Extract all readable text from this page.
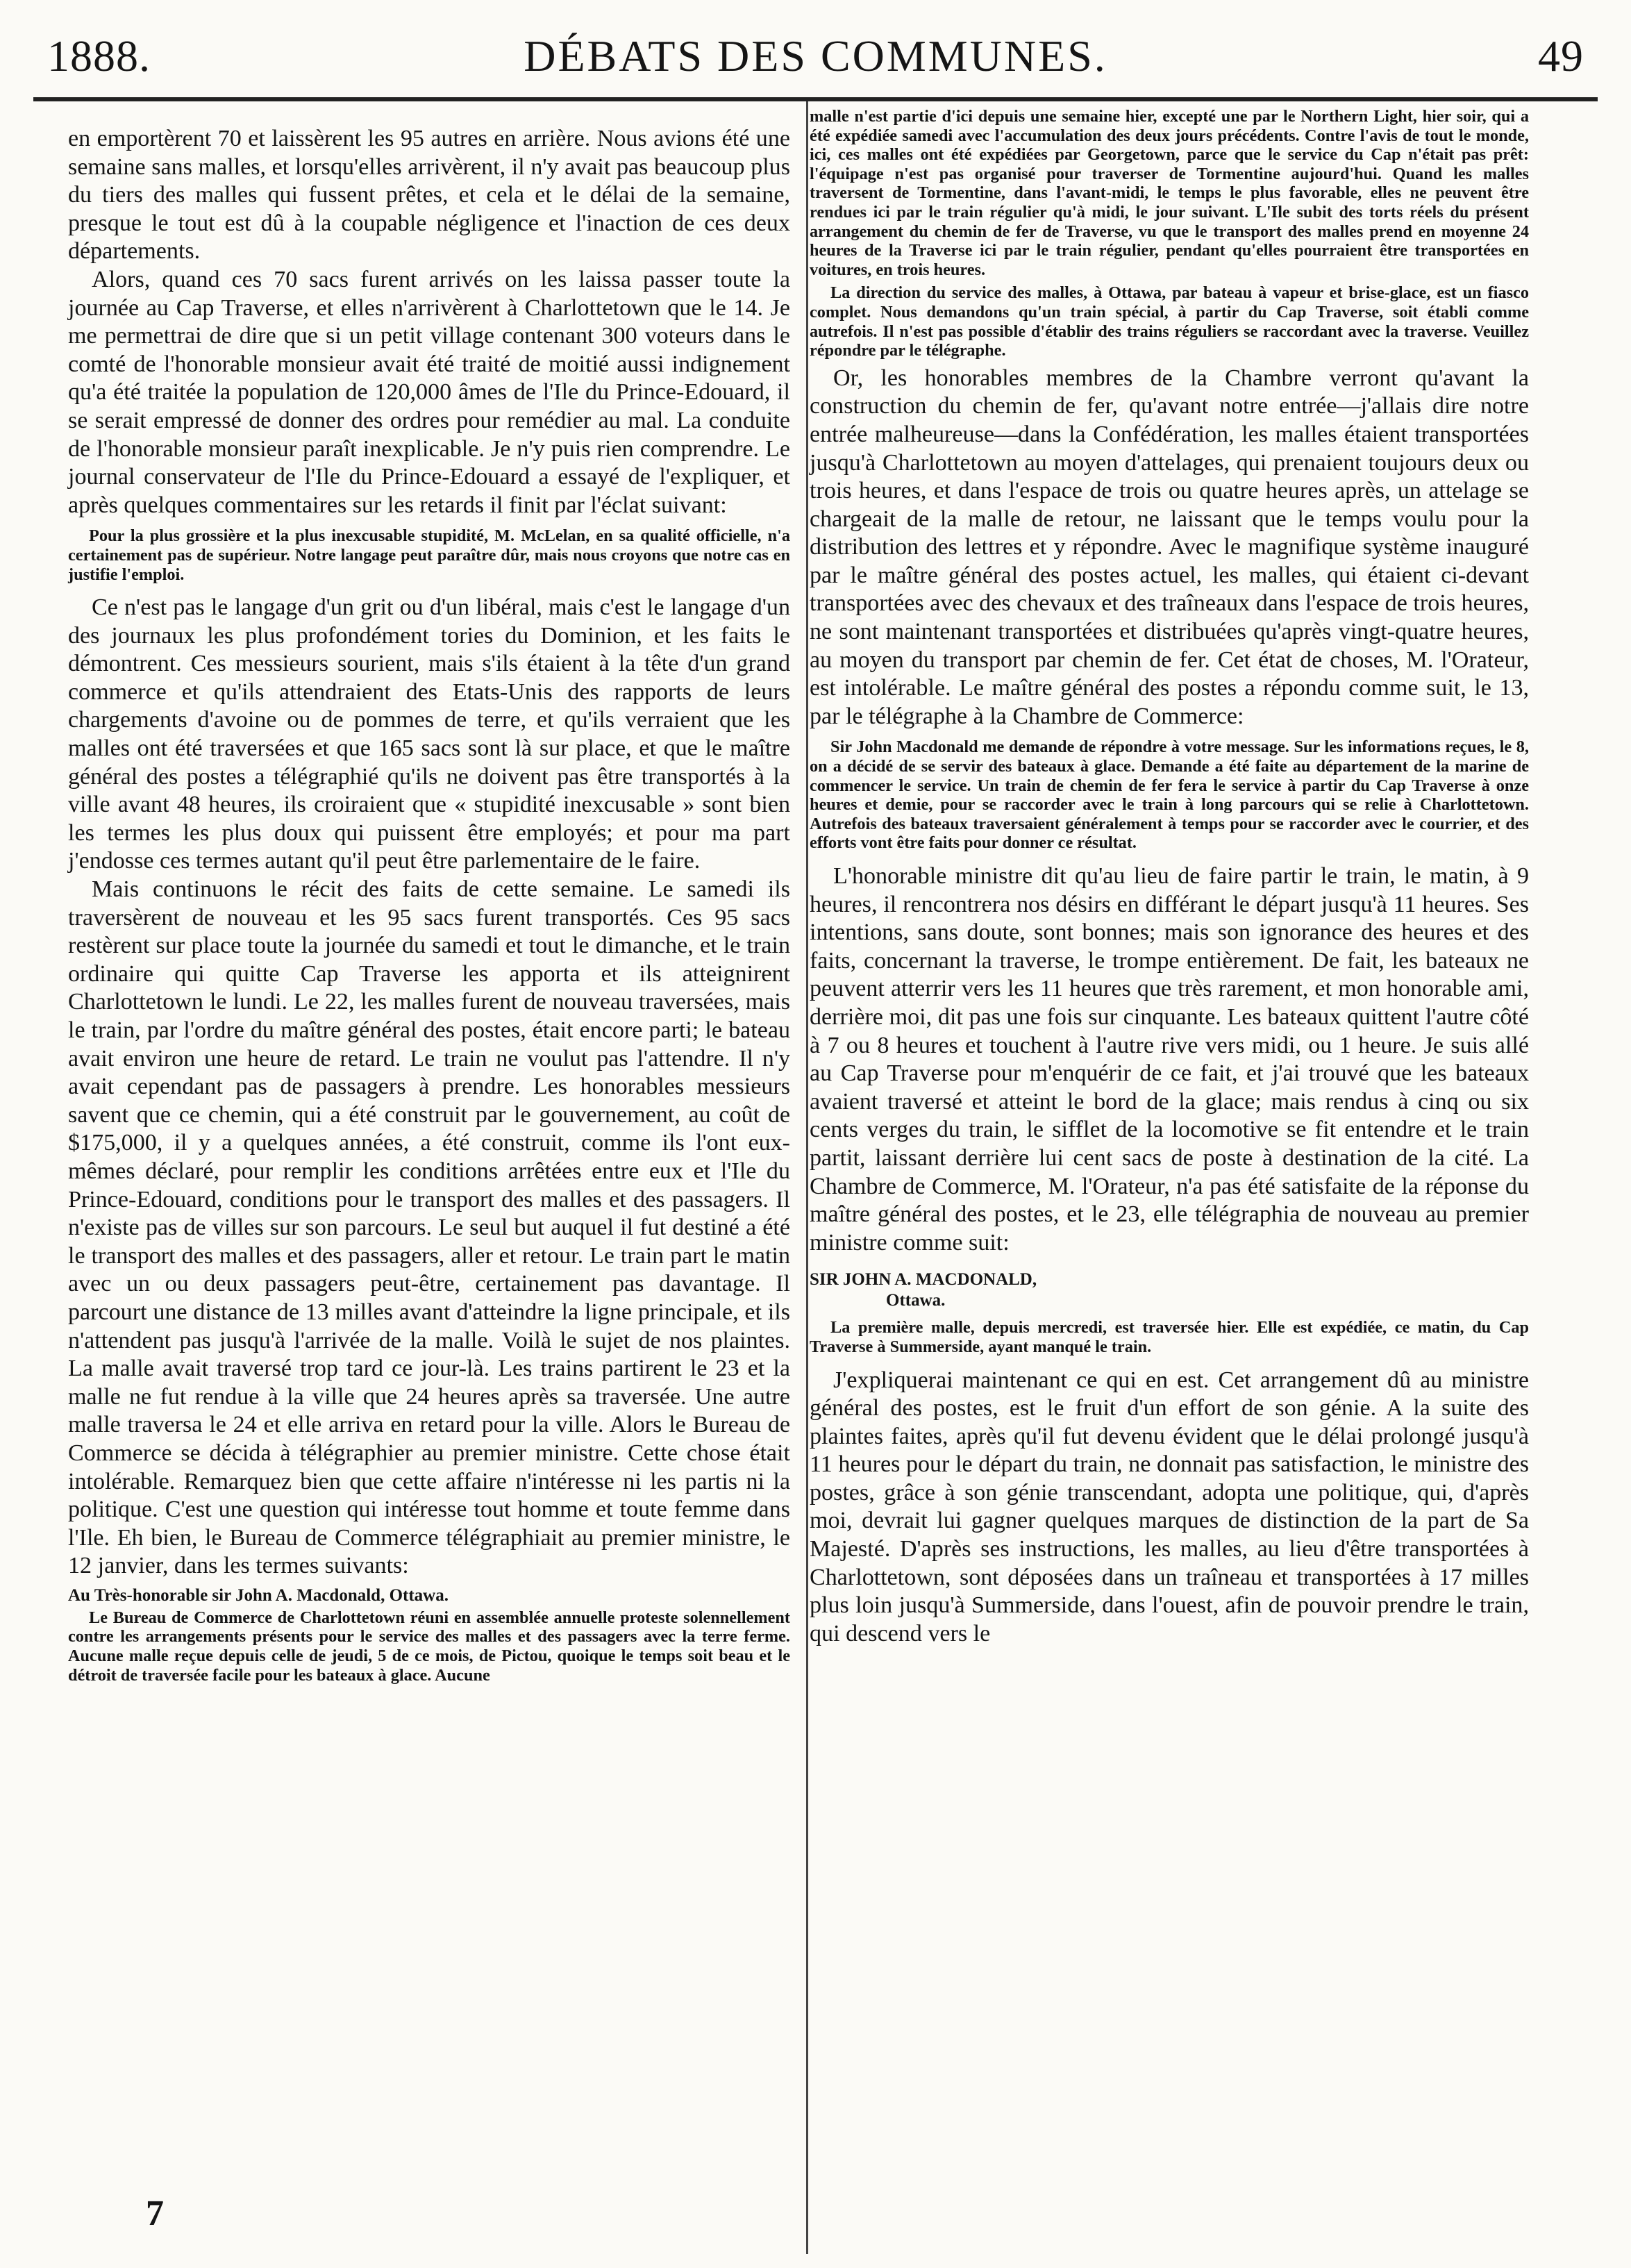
1888.	DÉBATS DES COMMUNES.	49

en emportèrent 70 et laissèrent les 95 autres en arrière. Nous avions été une semaine sans malles, et lorsqu'elles arrivèrent, il n'y avait pas beaucoup plus du tiers des malles qui fussent prêtes, et cela et le délai de la semaine, presque le tout est dû à la coupable négligence et l'inaction de ces deux départements.

Alors, quand ces 70 sacs furent arrivés on les laissa passer toute la journée au Cap Traverse, et elles n'arrivèrent à Charlottetown que le 14. Je me permettrai de dire que si un petit village contenant 300 voteurs dans le comté de l'honorable monsieur avait été traité de moitié aussi indignement qu'a été traitée la population de 120,000 âmes de l'Ile du Prince-Edouard, il se serait empressé de donner des ordres pour remédier au mal. La conduite de l'honorable monsieur paraît inexplicable. Je n'y puis rien comprendre. Le journal conservateur de l'Ile du Prince-Edouard a essayé de l'expliquer, et après quelques commentaires sur les retards il finit par l'éclat suivant:

Pour la plus grossière et la plus inexcusable stupidité, M. McLelan, en sa qualité officielle, n'a certainement pas de supérieur. Notre langage peut paraître dûr, mais nous croyons que notre cas en justifie l'emploi.

Ce n'est pas le langage d'un grit ou d'un libéral, mais c'est le langage d'un des journaux les plus profondément tories du Dominion, et les faits le démontrent. Ces messieurs sourient, mais s'ils étaient à la tête d'un grand commerce et qu'ils attendraient des Etats-Unis des rapports de leurs chargements d'avoine ou de pommes de terre, et qu'ils verraient que les malles ont été traversées et que 165 sacs sont là sur place, et que le maître général des postes a télégraphié qu'ils ne doivent pas être transportés à la ville avant 48 heures, ils croiraient que « stupidité inexcusable » sont bien les termes les plus doux qui puissent être employés; et pour ma part j'endosse ces termes autant qu'il peut être parlementaire de le faire.

Mais continuons le récit des faits de cette semaine. Le samedi ils traversèrent de nouveau et les 95 sacs furent transportés. Ces 95 sacs restèrent sur place toute la journée du samedi et tout le dimanche, et le train ordinaire qui quitte Cap Traverse les apporta et ils atteignirent Charlottetown le lundi. Le 22, les malles furent de nouveau traversées, mais le train, par l'ordre du maître général des postes, était encore parti; le bateau avait environ une heure de retard. Le train ne voulut pas l'attendre. Il n'y avait cependant pas de passagers à prendre. Les honorables messieurs savent que ce chemin, qui a été construit par le gouvernement, au coût de $175,000, il y a quelques années, a été construit, comme ils l'ont eux-mêmes déclaré, pour remplir les conditions arrêtées entre eux et l'Ile du Prince-Edouard, conditions pour le transport des malles et des passagers. Il n'existe pas de villes sur son parcours. Le seul but auquel il fut destiné a été le transport des malles et des passagers, aller et retour. Le train part le matin avec un ou deux passagers peut-être, certainement pas davantage. Il parcourt une distance de 13 milles avant d'atteindre la ligne principale, et ils n'attendent pas jusqu'à l'arrivée de la malle. Voilà le sujet de nos plaintes. La malle avait traversé trop tard ce jour-là. Les trains partirent le 23 et la malle ne fut rendue à la ville que 24 heures après sa traversée. Une autre malle traversa le 24 et elle arriva en retard pour la ville. Alors le Bureau de Commerce se décida à télégraphier au premier ministre. Cette chose était intolérable. Remarquez bien que cette affaire n'intéresse ni les partis ni la politique. C'est une question qui intéresse tout homme et toute femme dans l'Ile. Eh bien, le Bureau de Commerce télégraphiait au premier ministre, le 12 janvier, dans les termes suivants:

Au Très-honorable sir John A. Macdonald, Ottawa.

Le Bureau de Commerce de Charlottetown réuni en assemblée annuelle proteste solennellement contre les arrangements présents pour le service des malles et des passagers avec la terre ferme. Aucune malle reçue depuis celle de jeudi, 5 de ce mois, de Pictou, quoique le temps soit beau et le détroit de traversée facile pour les bateaux à glace. Aucune

7

malle n'est partie d'ici depuis une semaine hier, excepté une par le Northern Light, hier soir, qui a été expédiée samedi avec l'accumulation des deux jours précédents. Contre l'avis de tout le monde, ici, ces malles ont été expédiées par Georgetown, parce que le service du Cap n'était pas prêt: l'équipage n'est pas organisé pour traverser de Tormentine aujourd'hui. Quand les malles traversent de Tormentine, dans l'avant-midi, le temps le plus favorable, elles ne peuvent être rendues ici par le train régulier qu'à midi, le jour suivant. L'Ile subit des torts réels du présent arrangement du chemin de fer de Traverse, vu que le transport des malles prend en moyenne 24 heures de la Traverse ici par le train régulier, pendant qu'elles pourraient être transportées en voitures, en trois heures.

La direction du service des malles, à Ottawa, par bateau à vapeur et brise-glace, est un fiasco complet. Nous demandons qu'un train spécial, à partir du Cap Traverse, soit établi comme autrefois. Il n'est pas possible d'établir des trains réguliers se raccordant avec la traverse. Veuillez répondre par le télégraphe.

Or, les honorables membres de la Chambre verront qu'avant la construction du chemin de fer, qu'avant notre entrée—j'allais dire notre entrée malheureuse—dans la Confédération, les malles étaient transportées jusqu'à Charlottetown au moyen d'attelages, qui prenaient toujours deux ou trois heures, et dans l'espace de trois ou quatre heures après, un attelage se chargeait de la malle de retour, ne laissant que le temps voulu pour la distribution des lettres et y répondre. Avec le magnifique système inauguré par le maître général des postes actuel, les malles, qui étaient ci-devant transportées avec des chevaux et des traîneaux dans l'espace de trois heures, ne sont maintenant transportées et distribuées qu'après vingt-quatre heures, au moyen du transport par chemin de fer. Cet état de choses, M. l'Orateur, est intolérable. Le maître général des postes a répondu comme suit, le 13, par le télégraphe à la Chambre de Commerce:

Sir John Macdonald me demande de répondre à votre message. Sur les informations reçues, le 8, on a décidé de se servir des bateaux à glace. Demande a été faite au département de la marine de commencer le service. Un train de chemin de fer fera le service à partir du Cap Traverse à onze heures et demie, pour se raccorder avec le train à long parcours qui se relie à Charlottetown. Autrefois des bateaux traversaient généralement à temps pour se raccorder avec le courrier, et des efforts vont être faits pour donner ce résultat.

L'honorable ministre dit qu'au lieu de faire partir le train, le matin, à 9 heures, il rencontrera nos désirs en différant le départ jusqu'à 11 heures. Ses intentions, sans doute, sont bonnes; mais son ignorance des heures et des faits, concernant la traverse, le trompe entièrement. De fait, les bateaux ne peuvent atterrir vers les 11 heures que très rarement, et mon honorable ami, derrière moi, dit pas une fois sur cinquante. Les bateaux quittent l'autre côté à 7 ou 8 heures et touchent à l'autre rive vers midi, ou 1 heure. Je suis allé au Cap Traverse pour m'enquérir de ce fait, et j'ai trouvé que les bateaux avaient traversé et atteint le bord de la glace; mais rendus à cinq ou six cents verges du train, le sifflet de la locomotive se fit entendre et le train partit, laissant derrière lui cent sacs de poste à destination de la cité. La Chambre de Commerce, M. l'Orateur, n'a pas été satisfaite de la réponse du maître général des postes, et le 23, elle télégraphia de nouveau au premier ministre comme suit:

SIR JOHN A. MACDONALD,
Ottawa.

La première malle, depuis mercredi, est traversée hier. Elle est expédiée, ce matin, du Cap Traverse à Summerside, ayant manqué le train.

J'expliquerai maintenant ce qui en est. Cet arrangement dû au ministre général des postes, est le fruit d'un effort de son génie. A la suite des plaintes faites, après qu'il fut devenu évident que le délai prolongé jusqu'à 11 heures pour le départ du train, ne donnait pas satisfaction, le ministre des postes, grâce à son génie transcendant, adopta une politique, qui, d'après moi, devrait lui gagner quelques marques de distinction de la part de Sa Majesté. D'après ses instructions, les malles, au lieu d'être transportées à Charlottetown, sont déposées dans un traîneau et transportées à 17 milles plus loin jusqu'à Summerside, dans l'ouest, afin de pouvoir prendre le train, qui descend vers le
